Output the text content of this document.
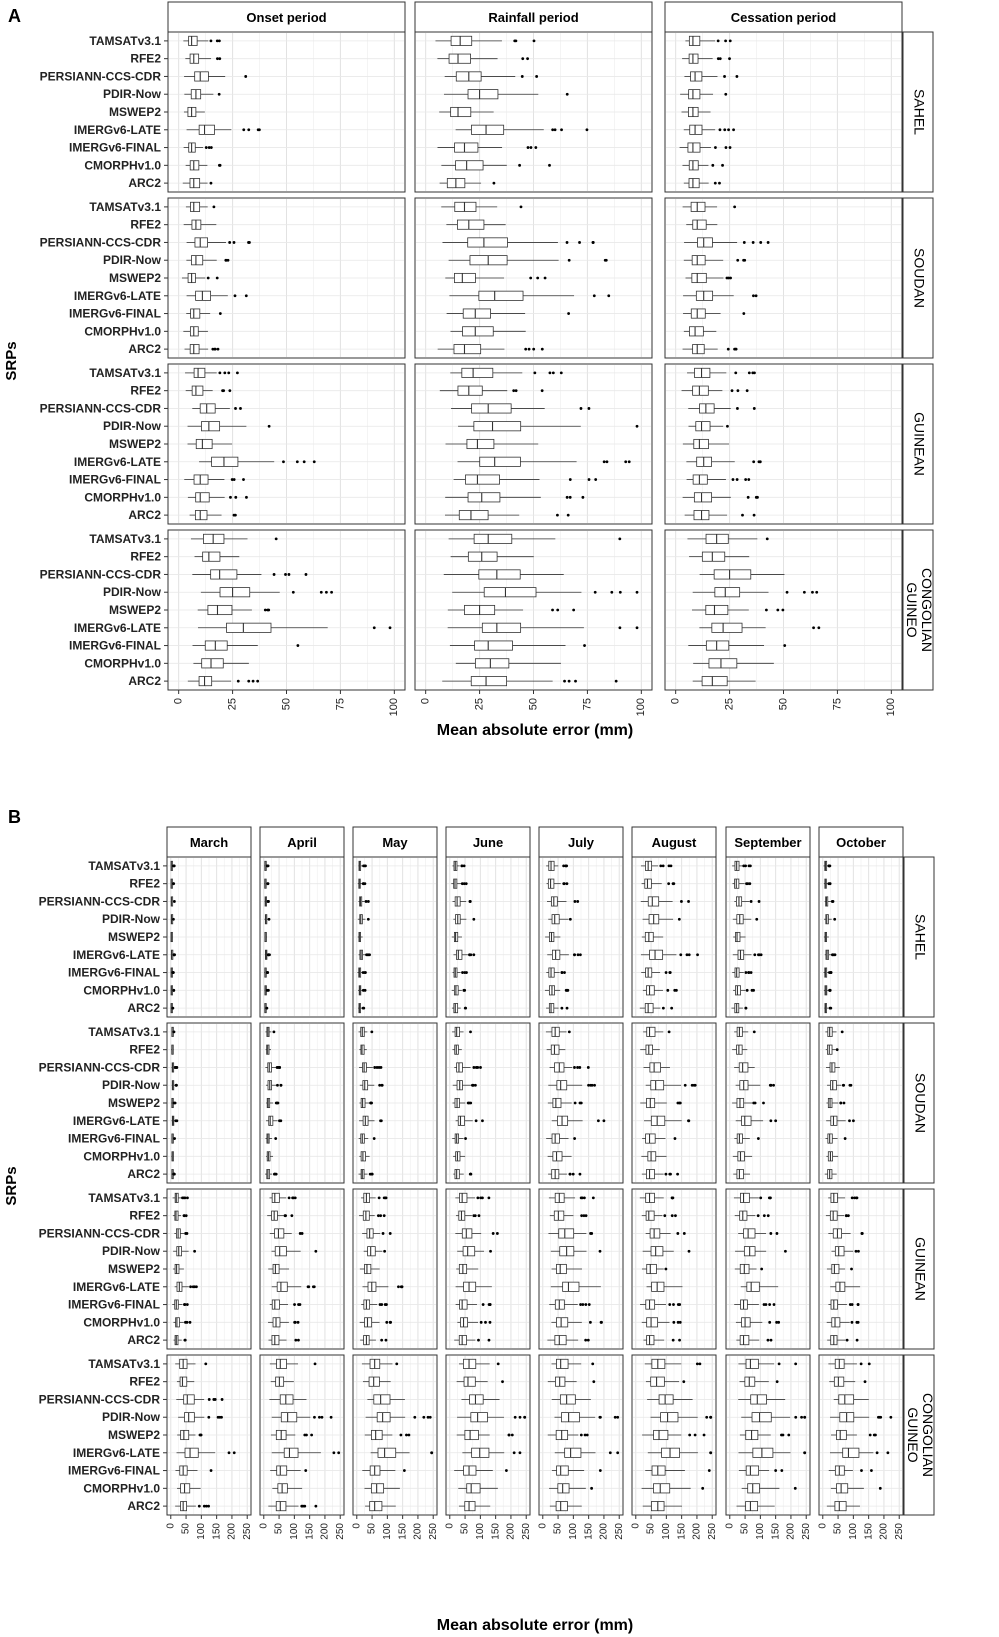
A
SRPs
Mean absolute error (mm)
Onset period	Rainfall period	Cessation period
SAHEL
SOUDAN
GUINEAN
GUINEO CONGOLIAN
TAMSATv3.1
RFE2
PERSIANN-CCS-CDR
PDIR-Now
MSWEP2
IMERGv6-LATE
IMERGv6-FINAL
CMORPHv1.0
ARC2
TAMSATv3.1
RFE2
PERSIANN-CCS-CDR
PDIR-Now
MSWEP2
IMERGv6-LATE
IMERGv6-FINAL
CMORPHv1.0
ARC2
TAMSATv3.1
RFE2
PERSIANN-CCS-CDR
PDIR-Now
MSWEP2
IMERGv6-LATE
IMERGv6-FINAL
CMORPHv1.0
ARC2
TAMSATv3.1
RFE2
PERSIANN-CCS-CDR
PDIR-Now
MSWEP2
IMERGv6-LATE
IMERGv6-FINAL
CMORPHv1.0
ARC2
0	25	50	75	100 0	25	50	75	100 0	25	50	75	100
B
SRPs
Mean absolute error (mm)
March	April	May	June	July	August	September	October
SAHEL
SOUDAN
GUINEAN
GUINEO CONGOLIAN
TAMSATv3.1
RFE2
PERSIANN-CCS-CDR
PDIR-Now
MSWEP2
IMERGv6-LATE
IMERGv6-FINAL
CMORPHv1.0
ARC2
TAMSATv3.1
RFE2
PERSIANN-CCS-CDR
PDIR-Now
MSWEP2
IMERGv6-LATE
IMERGv6-FINAL
CMORPHv1.0
ARC2
TAMSATv3.1
RFE2
PERSIANN-CCS-CDR
PDIR-Now
MSWEP2
IMERGv6-LATE
IMERGv6-FINAL
CMORPHv1.0
ARC2
TAMSATv3.1
RFE2
PERSIANN-CCS-CDR
PDIR-Now
MSWEP2
IMERGv6-LATE
IMERGv6-FINAL
CMORPHv1.0
ARC2
0 50 100 150 200 250 0 50 100 150 200 250 0 50 100 150 200 250 0 50 100 150 200 250 0 50 100 150 200 250 0 50 100 150 200 250 0 50 100 150 200 250 0 50 100 150 200 250
